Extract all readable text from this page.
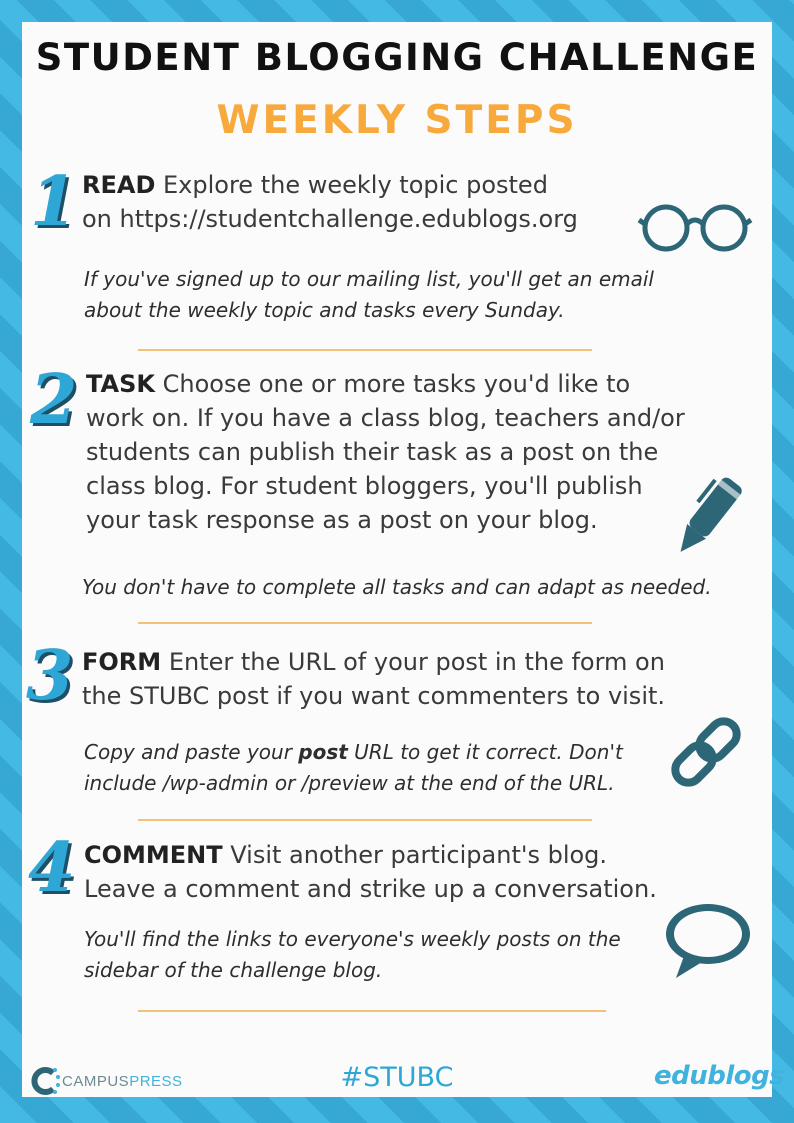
STUDENT BLOGGING CHALLENGE
WEEKLY STEPS
1 READ Explore the weekly topic posted
on https://studentchallenge.edublogs.org
If you've signed up to our mailing list, you'll get an email
about the weekly topic and tasks every Sunday.
2 TASK Choose one or more tasks you'd like to
work on. If you have a class blog, teachers and/or
students can publish their task as a post on the
class blog. For student bloggers, you'll publish
your task response as a post on your blog.
You don't have to complete all tasks and can adapt as needed.
3 FORM Enter the URL of your post in the form on
the STUBC post if you want commenters to visit.
Copy and paste your post URL to get it correct. Don't
include /wp-admin or /preview at the end of the URL.
4 COMMENT Visit another participant's blog.
Leave a comment and strike up a conversation.
You'll find the links to everyone's weekly posts on the
sidebar of the challenge blog.
CAMPUSPRESS	#STUBC	edublogs
